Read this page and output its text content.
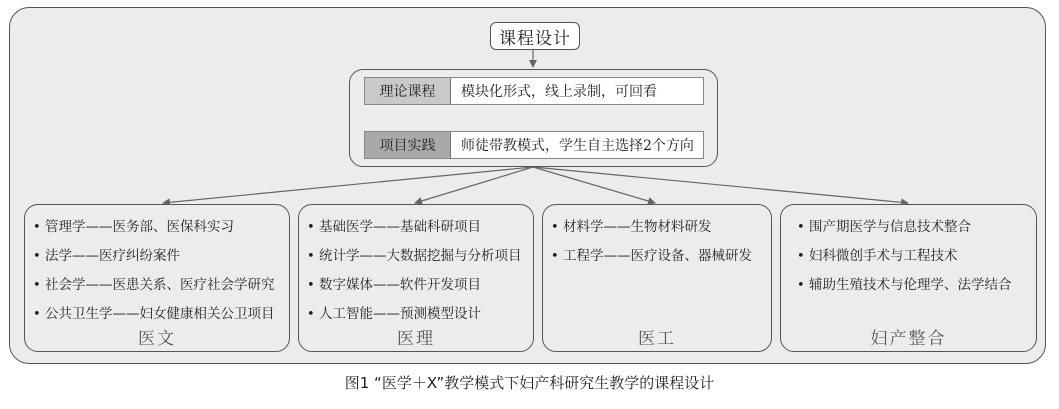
课程设计
理论课程	模块化形式，线上录制，可回看
项目实践	师徒带教模式，学生自主选择2个方向
• 管理学——医务部、医保科实习
• 法学——医疗纠纷案件
• 社会学——医患关系、医疗社会学研究
• 公共卫生学——妇女健康相关公卫项目
医文
• 基础医学——基础科研项目
• 统计学——大数据挖掘与分析项目
• 数字媒体——软件开发项目
• 人工智能——预测模型设计
医理
• 材料学——生物材料研发
• 工程学——医疗设备、器械研发
医工
• 围产期医学与信息技术整合
• 妇科微创手术与工程技术
• 辅助生殖技术与伦理学、法学结合
妇产整合
图1 “医学＋X”教学模式下妇产科研究生教学的课程设计
